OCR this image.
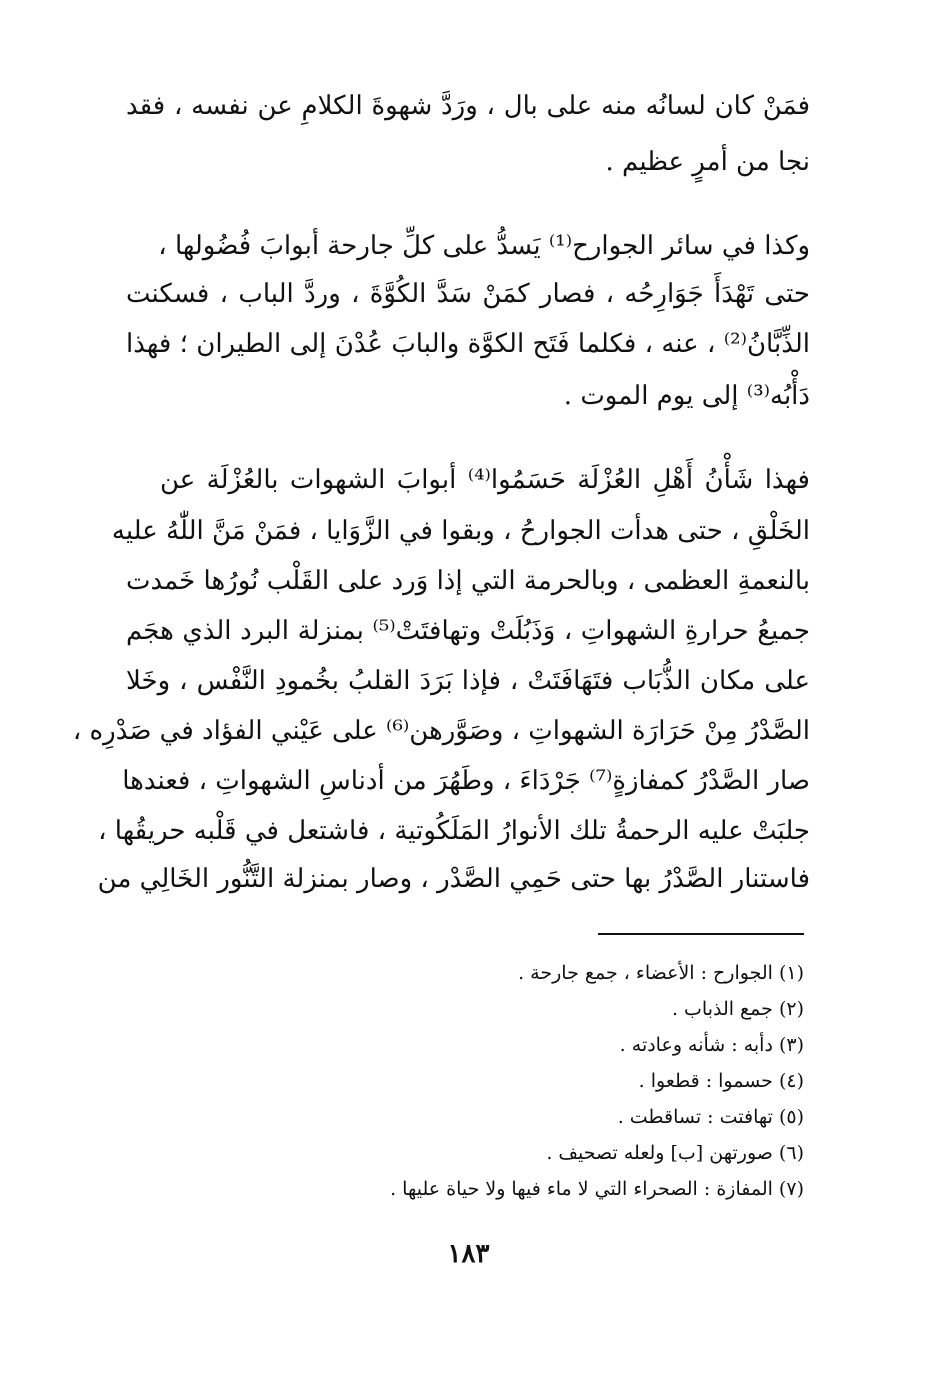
فمَنْ كان لسانُه منه على بال ، ورَدَّ شهوةَ الكلامِ عن نفسه ، فقد
نجا من أمرٍ عظيم .
وكذا في سائر الجوارح⁽¹⁾ يَسدُّ على كلِّ جارحة أبوابَ فُضُولها ،
حتى تَهْدَأَ جَوَارِحُه ، فصار كمَنْ سَدَّ الكُوَّةَ ، وردَّ الباب ، فسكنت
الذِّبَّانُ⁽²⁾ ، عنه ، فكلما فَتَح الكوَّة والبابَ عُدْنَ إلى الطيران ؛ فهذا
دَأْبُه⁽³⁾ إلى يوم الموت .
فهذا شَأْنُ أَهْلِ العُزْلَة حَسَمُوا⁽⁴⁾ أبوابَ الشهوات بالعُزْلَة عن
الخَلْقِ ، حتى هدأت الجوارحُ ، وبقوا في الزَّوَايا ، فمَنْ مَنَّ اللّٰهُ عليه
بالنعمةِ العظمى ، وبالحرمة التي إذا وَرد على القَلْب نُورُها خَمدت
جميعُ حرارةِ الشهواتِ ، وَذَبُلَتْ وتهافتَتْ⁽⁵⁾ بمنزلة البرد الذي هجَم
على مكان الذُّبَاب فتَهَافَتَتْ ، فإذا بَرَدَ القلبُ بخُمودِ النَّفْس ، وخَلا
الصَّدْرُ مِنْ حَرَارَة الشهواتِ ، وصَوَّرهن⁽⁶⁾ على عَيْني الفؤاد في صَدْرِه ،
صار الصَّدْرُ كمفازةٍ⁽⁷⁾ جَرْدَاءَ ، وطَهُرَ من أدناسِ الشهواتِ ، فعندها
جلبَتْ عليه الرحمةُ تلك الأنوارُ المَلَكُوتية ، فاشتعل في قَلْبه حريقُها ،
فاستنار الصَّدْرُ بها حتى حَمِي الصَّدْر ، وصار بمنزلة التَّنُّور الخَالِي من
(١) الجوارح : الأعضاء ، جمع جارحة .
(٢) جمع الذباب .
(٣) دأبه : شأنه وعادته .
(٤) حسموا : قطعوا .
(٥) تهافتت : تساقطت .
(٦) صورتهن [ب] ولعله تصحيف .
(٧) المفازة : الصحراء التي لا ماء فيها ولا حياة عليها .
١٨٣
